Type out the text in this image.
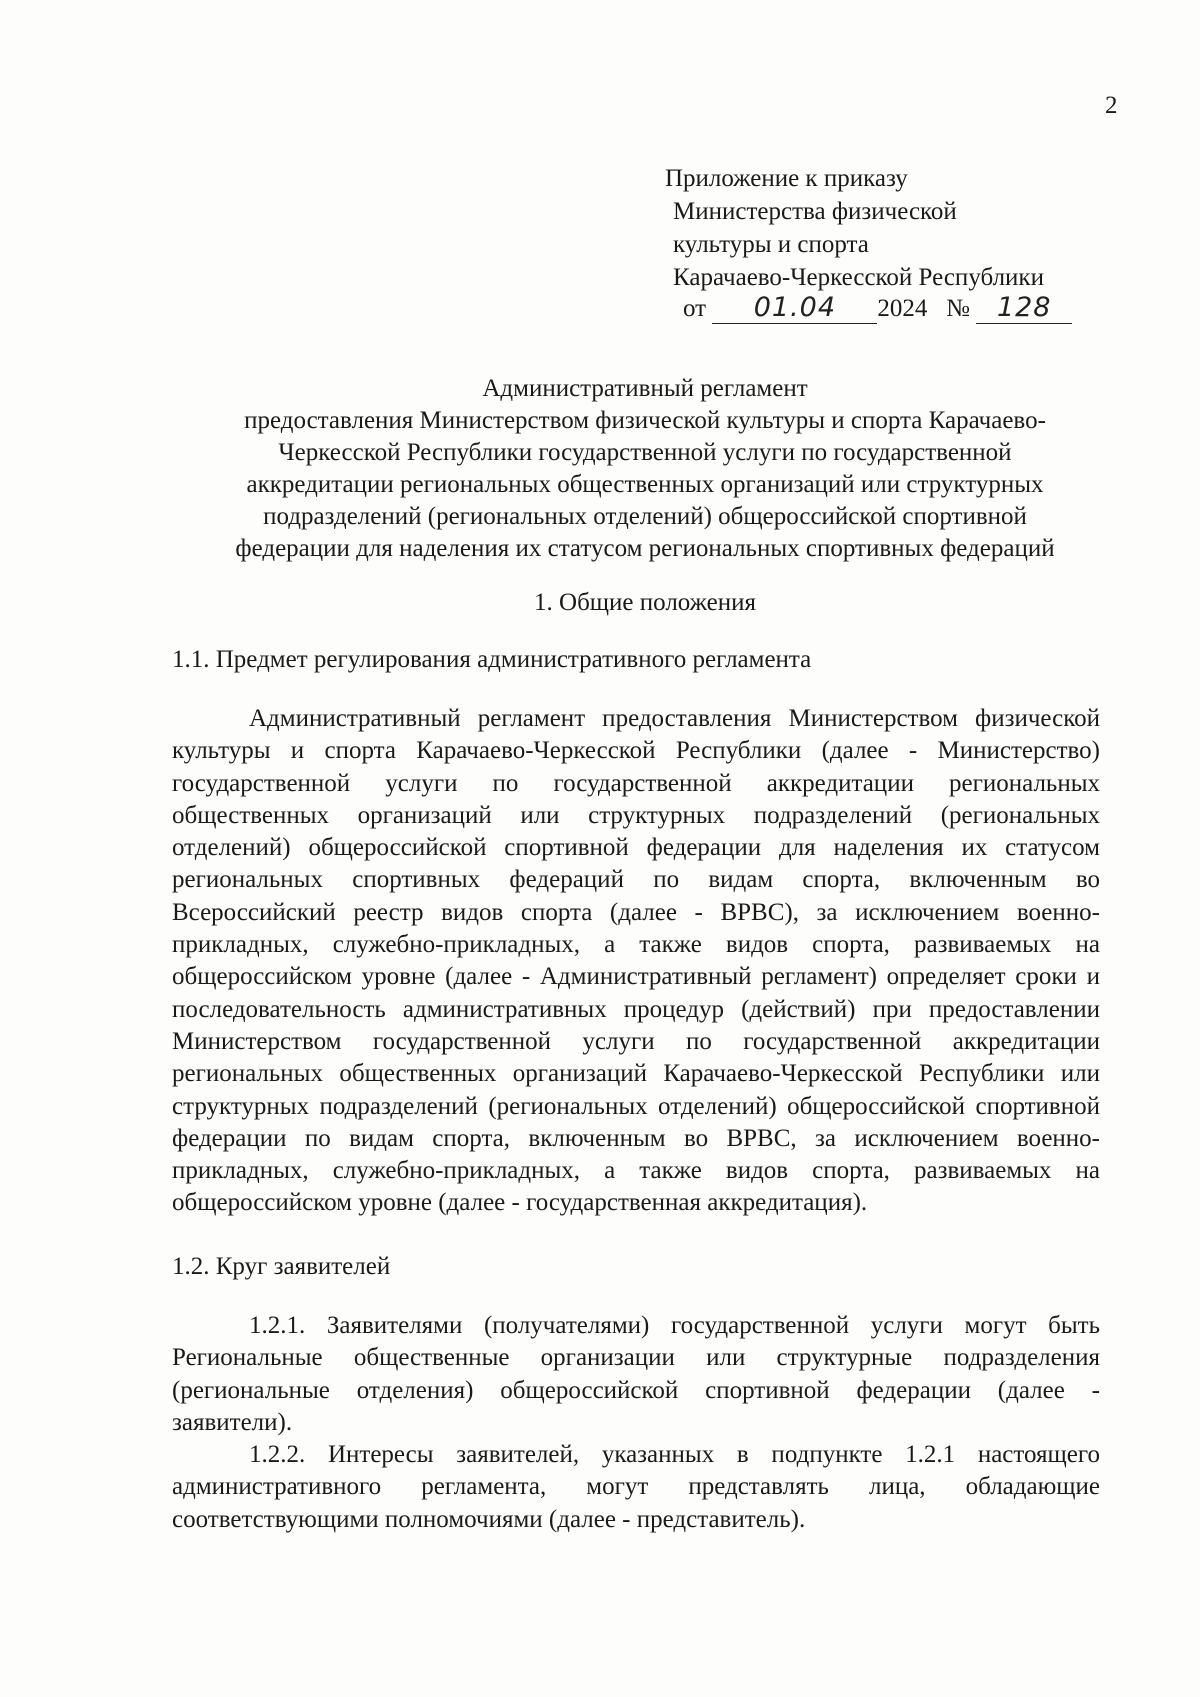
2
Приложение к приказу
Министерства физической
культуры и спорта
Карачаево-Черкесской Республики
от 01.04 2024 № 128
Административный регламент
предоставления Министерством физической культуры и спорта Карачаево-
Черкесской Республики государственной услуги по государственной
аккредитации региональных общественных организаций или структурных
подразделений (региональных отделений) общероссийской спортивной
федерации для наделения их статусом региональных спортивных федераций
1. Общие положения
1.1. Предмет регулирования административного регламента

Административный регламент предоставления Министерством физической культуры и спорта Карачаево-Черкесской Республики (далее - Министерство) государственной услуги по государственной аккредитации региональных общественных организаций или структурных подразделений (региональных отделений) общероссийской спортивной федерации для наделения их статусом региональных спортивных федераций по видам спорта, включенным во Всероссийский реестр видов спорта (далее - ВРВС), за исключением военно-прикладных, служебно-прикладных, а также видов спорта, развиваемых на общероссийском уровне (далее - Административный регламент) определяет сроки и последовательность административных процедур (действий) при предоставлении Министерством государственной услуги по государственной аккредитации региональных общественных организаций Карачаево-Черкесской Республики или структурных подразделений (региональных отделений) общероссийской спортивной федерации по видам спорта, включенным во ВРВС, за исключением военно-прикладных, служебно-прикладных, а также видов спорта, развиваемых на общероссийском уровне (далее - государственная аккредитация).

1.2. Круг заявителей

1.2.1. Заявителями (получателями) государственной услуги могут быть Региональные общественные организации или структурные подразделения (региональные отделения) общероссийской спортивной федерации (далее - заявители).

1.2.2. Интересы заявителей, указанных в подпункте 1.2.1 настоящего административного регламента, могут представлять лица, обладающие соответствующими полномочиями (далее - представитель).
